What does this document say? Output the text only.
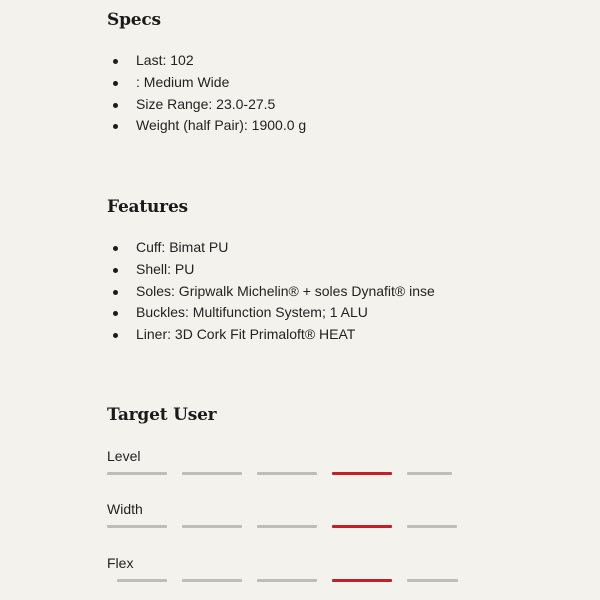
Specs
Last: 102
: Medium Wide
Size Range: 23.0-27.5
Weight (half Pair): 1900.0 g
Features
Cuff: Bimat PU
Shell: PU
Soles: Gripwalk Michelin® + soles Dynafit® inse
Buckles: Multifunction System; 1 ALU
Liner: 3D Cork Fit Primaloft® HEAT
Target User
Level
Width
Flex
